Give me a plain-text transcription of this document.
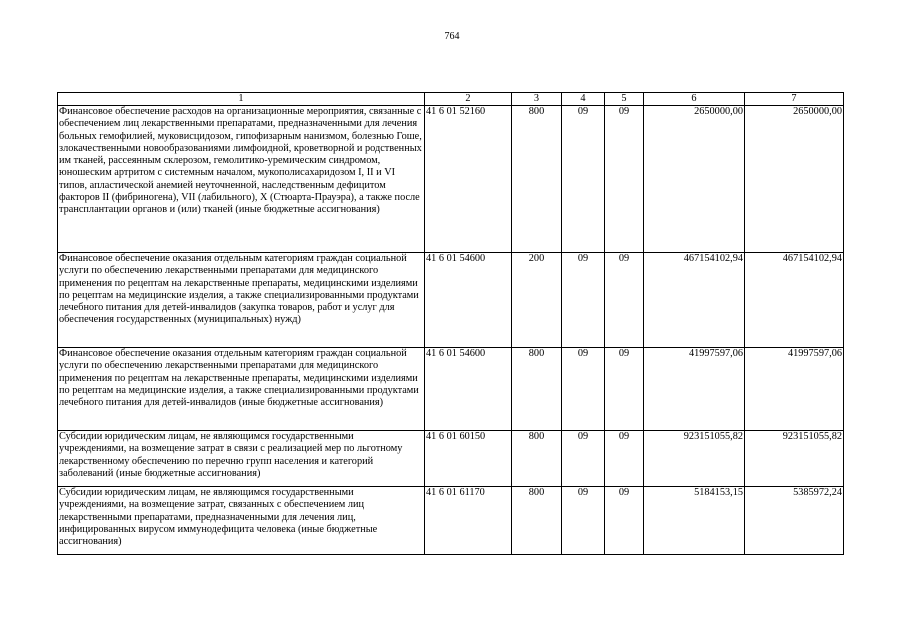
764
1	2	3	4	5	6	7
Финансовое обеспечение расходов на организационные мероприятия, связанные с обеспечением лиц лекарственными препаратами, предназначенными для лечения больных гемофилией, муковисцидозом, гипофизарным нанизмом, болезнью Гоше, злокачественными новообразованиями лимфоидной, кроветворной и родственных им тканей, рассеянным склерозом, гемолитико-уремическим синдромом, юношеским артритом с системным началом, мукополисахаридозом I, II и VI типов, апластической анемией неуточненной, наследственным дефицитом факторов II (фибриногена), VII (лабильного), X (Стюарта-Прауэра), а также после трансплантации органов и (или) тканей (иные бюджетные ассигнования)	41 6 01 52160	800	09	09	2650000,00	2650000,00
Финансовое обеспечение оказания отдельным категориям граждан социальной услуги по обеспечению лекарственными препаратами для медицинского применения по рецептам на лекарственные препараты, медицинскими изделиями по рецептам на медицинские изделия, а также специализированными продуктами лечебного питания для детей-инвалидов (закупка товаров, работ и услуг для обеспечения государственных (муниципальных) нужд)	41 6 01 54600	200	09	09	467154102,94	467154102,94
Финансовое обеспечение оказания отдельным категориям граждан социальной услуги по обеспечению лекарственными препаратами для медицинского применения по рецептам на лекарственные препараты, медицинскими изделиями по рецептам на медицинские изделия, а также специализированными продуктами лечебного питания для детей-инвалидов (иные бюджетные ассигнования)	41 6 01 54600	800	09	09	41997597,06	41997597,06
Субсидии юридическим лицам, не являющимся государственными учреждениями, на возмещение затрат в связи с реализацией мер по льготному лекарственному обеспечению по перечню групп населения и категорий заболеваний (иные бюджетные ассигнования)	41 6 01 60150	800	09	09	923151055,82	923151055,82
Субсидии юридическим лицам, не являющимся государственными учреждениями, на возмещение затрат, связанных с обеспечением лиц лекарственными препаратами, предназначенными для лечения лиц, инфицированных вирусом иммунодефицита человека (иные бюджетные ассигнования)	41 6 01 61170	800	09	09	5184153,15	5385972,24
